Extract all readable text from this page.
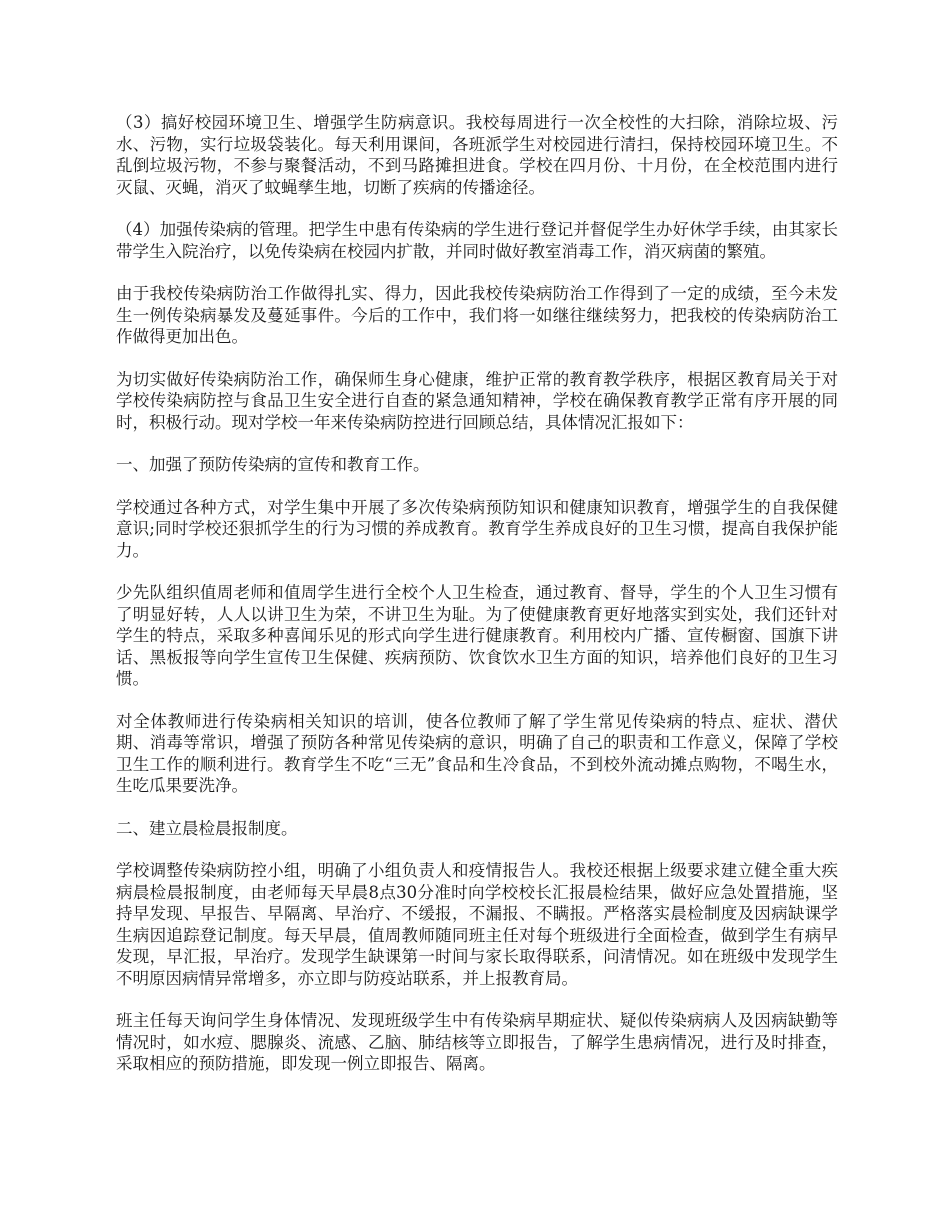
（3）搞好校园环境卫生、增强学生防病意识。我校每周进行一次全校性的大扫除，消除垃圾、污水、污物，实行垃圾袋装化。每天利用课间，各班派学生对校园进行清扫，保持校园环境卫生。不乱倒垃圾污物，不参与聚餐活动，不到马路摊担进食。学校在四月份、十月份，在全校范围内进行灭鼠、灭蝇，消灭了蚊蝇孳生地，切断了疾病的传播途径。

（4）加强传染病的管理。把学生中患有传染病的学生进行登记并督促学生办好休学手续，由其家长带学生入院治疗，以免传染病在校园内扩散，并同时做好教室消毒工作，消灭病菌的繁殖。

由于我校传染病防治工作做得扎实、得力，因此我校传染病防治工作得到了一定的成绩，至今未发生一例传染病暴发及蔓延事件。今后的工作中，我们将一如继往继续努力，把我校的传染病防治工作做得更加出色。

为切实做好传染病防治工作，确保师生身心健康，维护正常的教育教学秩序，根据区教育局关于对学校传染病防控与食品卫生安全进行自查的紧急通知精神，学校在确保教育教学正常有序开展的同时，积极行动。现对学校一年来传染病防控进行回顾总结，具体情况汇报如下：

一、加强了预防传染病的宣传和教育工作。

学校通过各种方式，对学生集中开展了多次传染病预防知识和健康知识教育，增强学生的自我保健意识;同时学校还狠抓学生的行为习惯的养成教育。教育学生养成良好的卫生习惯，提高自我保护能力。

少先队组织值周老师和值周学生进行全校个人卫生检查，通过教育、督导，学生的个人卫生习惯有了明显好转，人人以讲卫生为荣，不讲卫生为耻。为了使健康教育更好地落实到实处，我们还针对学生的特点，采取多种喜闻乐见的形式向学生进行健康教育。利用校内广播、宣传橱窗、国旗下讲话、黑板报等向学生宣传卫生保健、疾病预防、饮食饮水卫生方面的知识，培养他们良好的卫生习惯。

对全体教师进行传染病相关知识的培训，使各位教师了解了学生常见传染病的特点、症状、潜伏期、消毒等常识，增强了预防各种常见传染病的意识，明确了自己的职责和工作意义，保障了学校卫生工作的顺利进行。教育学生不吃“三无”食品和生冷食品，不到校外流动摊点购物，不喝生水，生吃瓜果要洗净。

二、建立晨检晨报制度。

学校调整传染病防控小组，明确了小组负责人和疫情报告人。我校还根据上级要求建立健全重大疾病晨检晨报制度，由老师每天早晨8点30分准时向学校校长汇报晨检结果，做好应急处置措施，坚持早发现、早报告、早隔离、早治疗、不缓报，不漏报、不瞒报。严格落实晨检制度及因病缺课学生病因追踪登记制度。每天早晨，值周教师随同班主任对每个班级进行全面检查，做到学生有病早发现，早汇报，早治疗。发现学生缺课第一时间与家长取得联系，问清情况。如在班级中发现学生不明原因病情异常增多，亦立即与防疫站联系，并上报教育局。

班主任每天询问学生身体情况、发现班级学生中有传染病早期症状、疑似传染病病人及因病缺勤等情况时，如水痘、腮腺炎、流感、乙脑、肺结核等立即报告，了解学生患病情况，进行及时排查，采取相应的预防措施，即发现一例立即报告、隔离。
